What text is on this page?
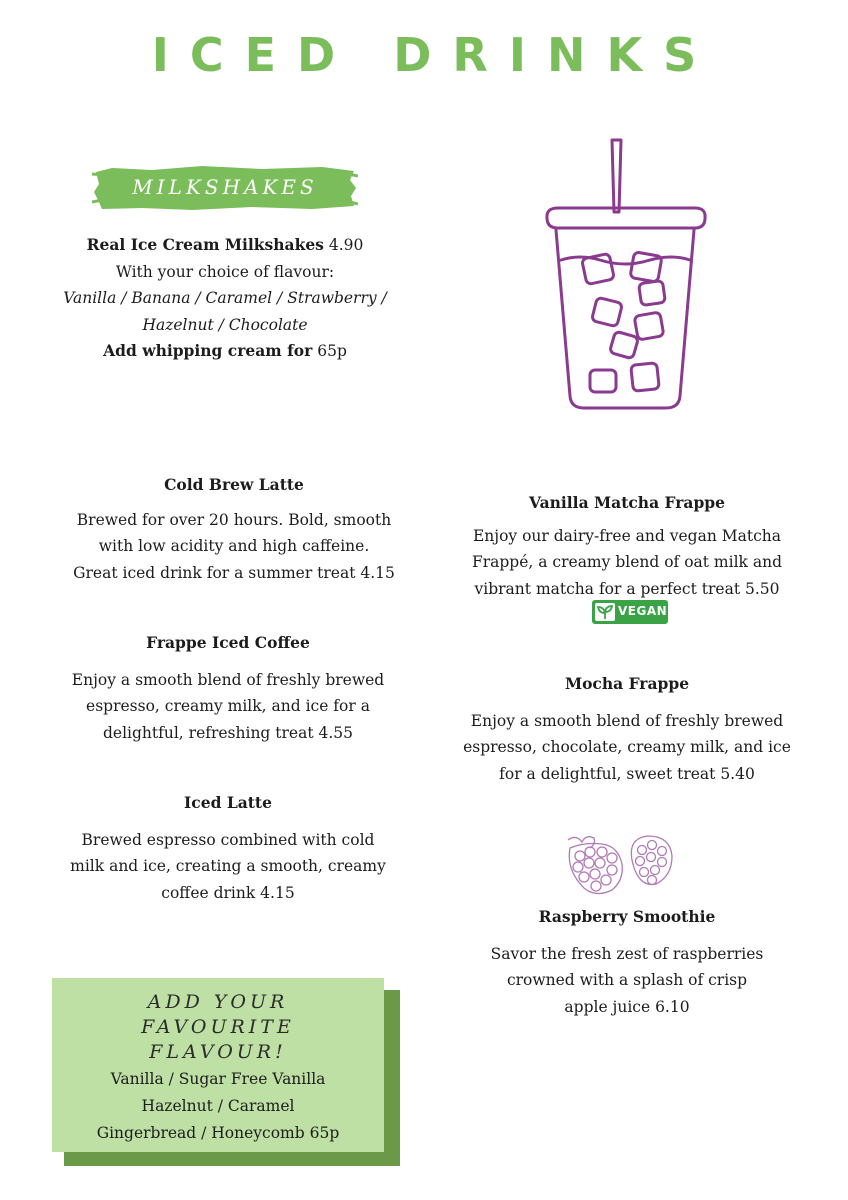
ICED DRINKS
MILKSHAKES
Real Ice Cream Milkshakes 4.90
With your choice of flavour:
Vanilla / Banana / Caramel / Strawberry /
Hazelnut / Chocolate
Add whipping cream for 65p
Cold Brew Latte
Brewed for over 20 hours. Bold, smooth
with low acidity and high caffeine.
Great iced drink for a summer treat 4.15
Frappe Iced Coffee
Enjoy a smooth blend of freshly brewed
espresso, creamy milk, and ice for a
delightful, refreshing treat 4.55
Iced Latte
Brewed espresso combined with cold
milk and ice, creating a smooth, creamy
coffee drink 4.15
Vanilla Matcha Frappe
Enjoy our dairy-free and vegan Matcha
Frappé, a creamy blend of oat milk and
vibrant matcha for a perfect treat 5.50
VEGAN
Mocha Frappe
Enjoy a smooth blend of freshly brewed
espresso, chocolate, creamy milk, and ice
for a delightful, sweet treat 5.40
Raspberry Smoothie
Savor the fresh zest of raspberries
crowned with a splash of crisp
apple juice 6.10
ADD YOUR
FAVOURITE
FLAVOUR!
Vanilla / Sugar Free Vanilla
Hazelnut / Caramel
Gingerbread / Honeycomb 65p
